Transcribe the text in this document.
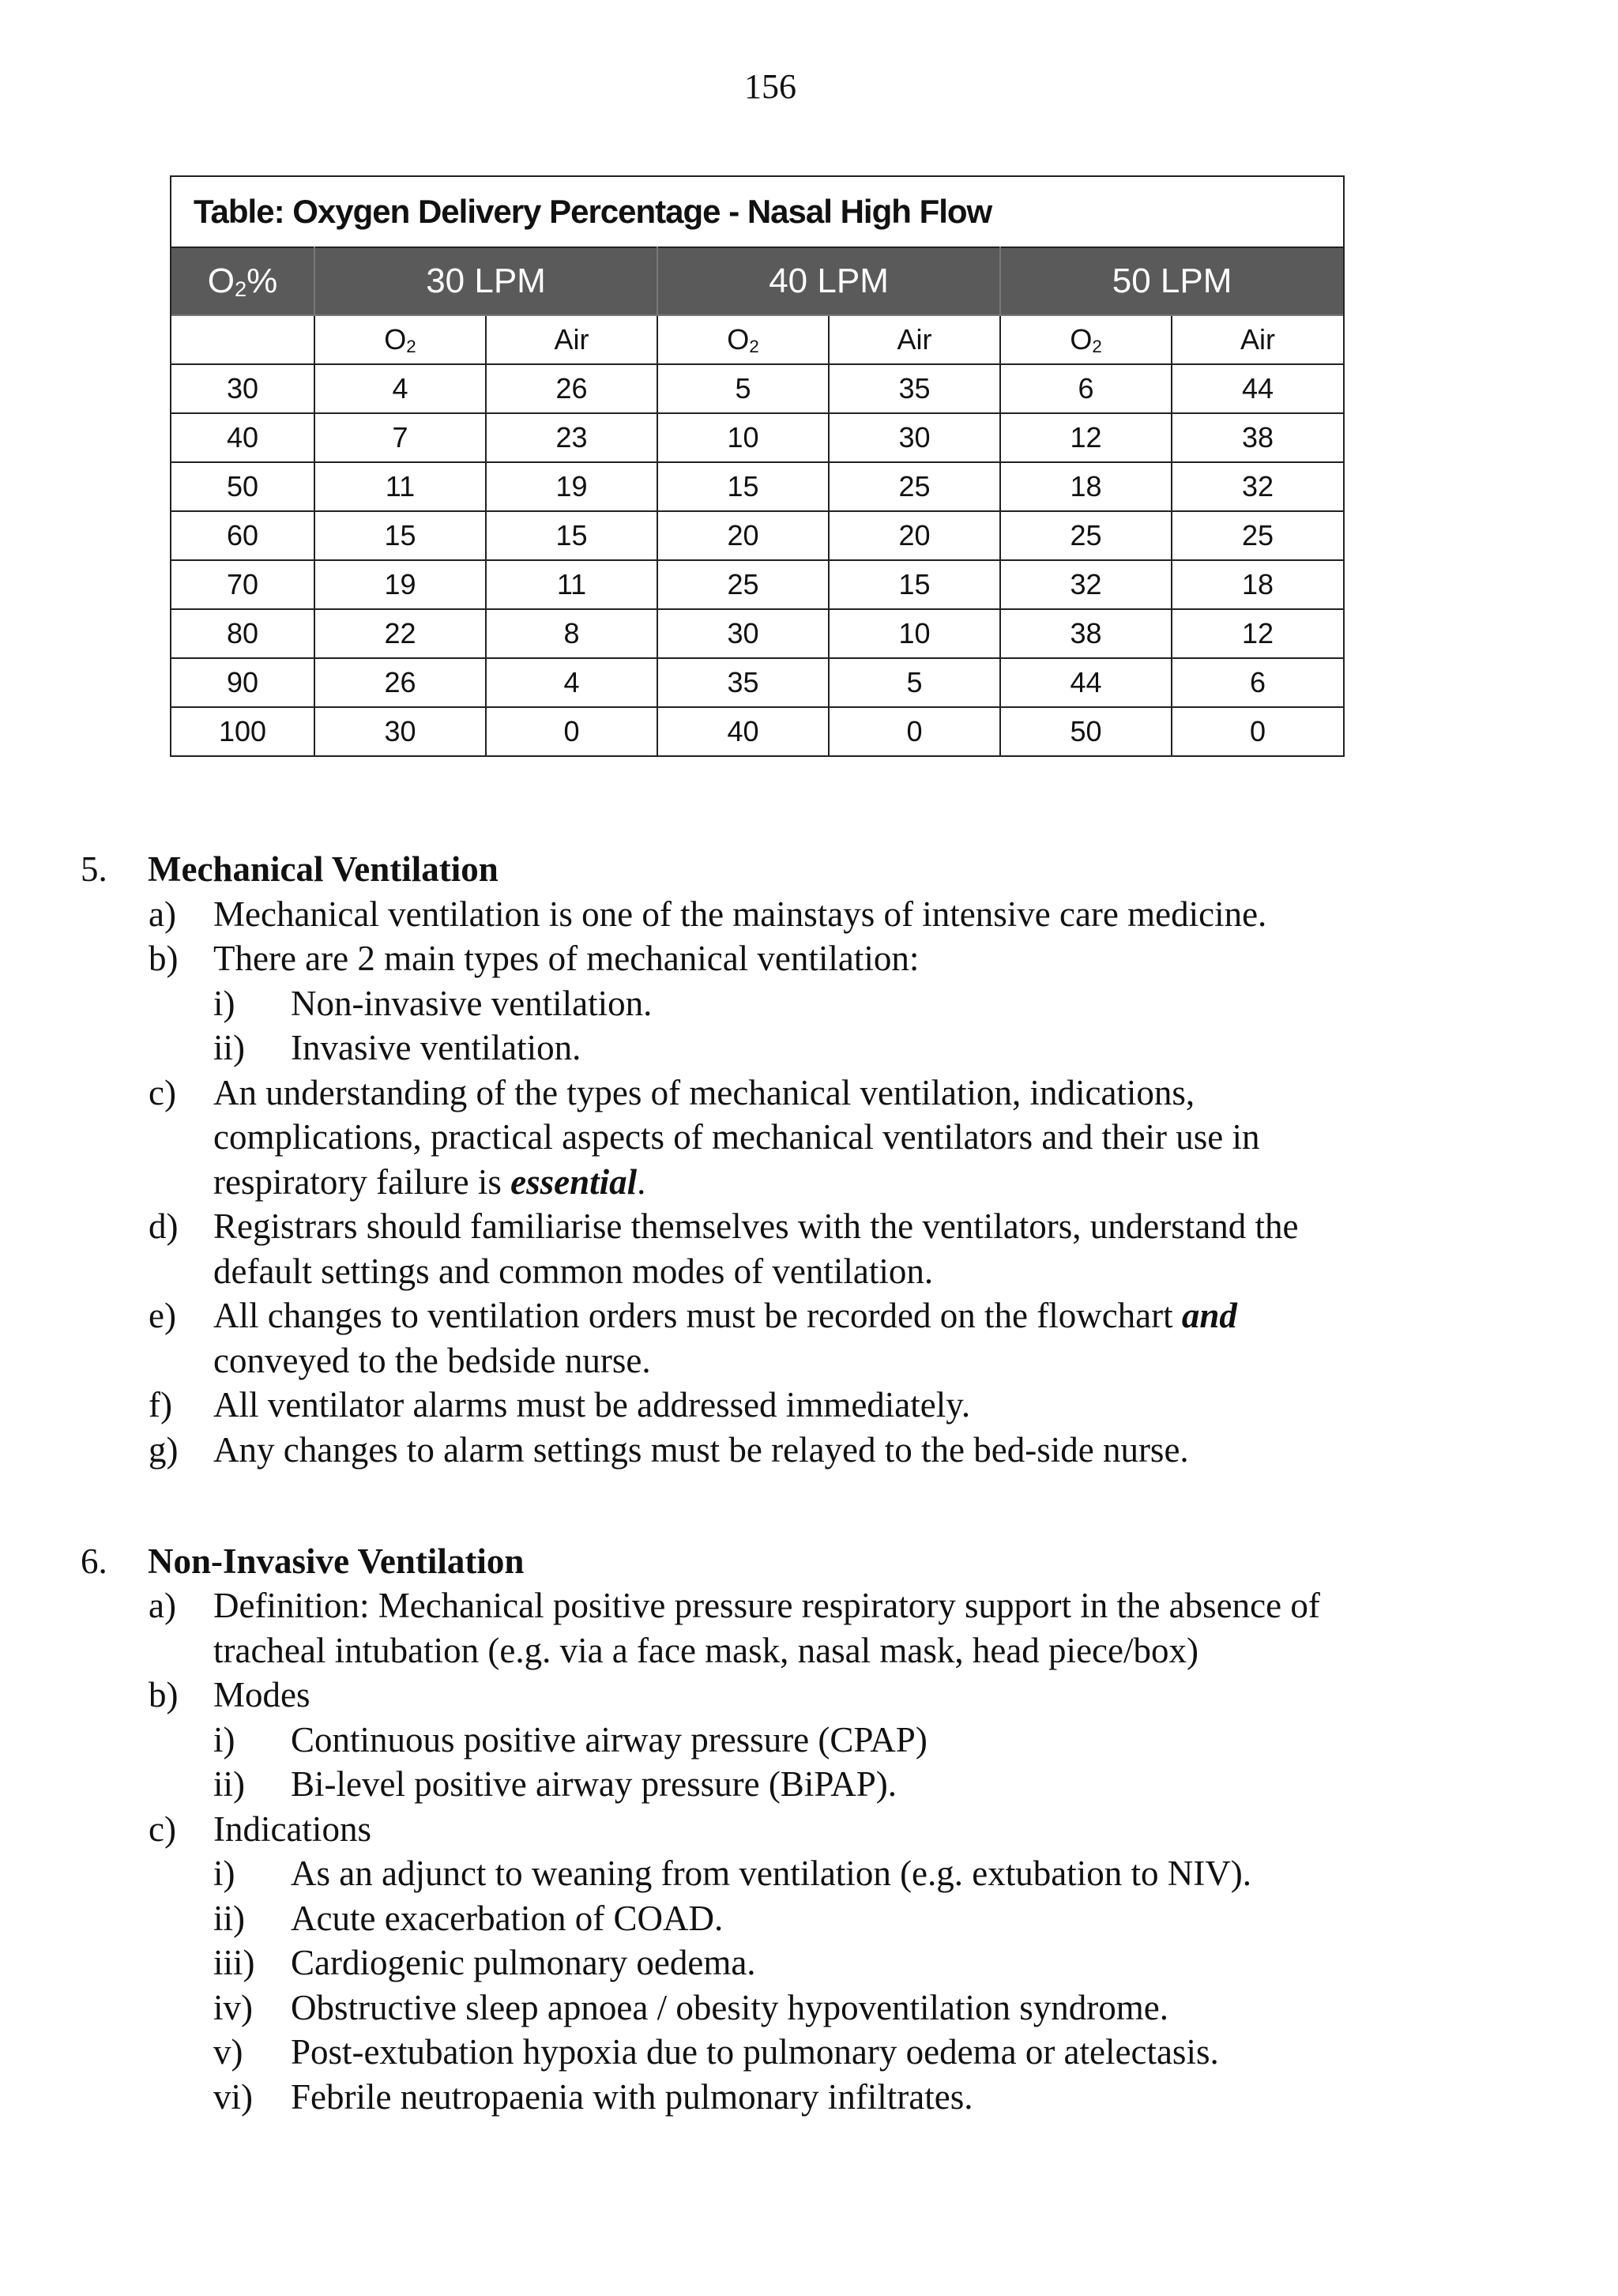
156
Table: Oxygen Delivery Percentage - Nasal High Flow
O2%	30 LPM		40 LPM		50 LPM	
	O2	Air	O2	Air	O2	Air
30	4	26	5	35	6	44
40	7	23	10	30	12	38
50	11	19	15	25	18	32
60	15	15	20	20	25	25
70	19	11	25	15	32	18
80	22	8	30	10	38	12
90	26	4	35	5	44	6
100	30	0	40	0	50	0
5. Mechanical Ventilation
a) Mechanical ventilation is one of the mainstays of intensive care medicine.
b) There are 2 main types of mechanical ventilation:
i) Non-invasive ventilation.
ii) Invasive ventilation.
c) An understanding of the types of mechanical ventilation, indications,
complications, practical aspects of mechanical ventilators and their use in
respiratory failure is essential.
d) Registrars should familiarise themselves with the ventilators, understand the
default settings and common modes of ventilation.
e) All changes to ventilation orders must be recorded on the flowchart and
conveyed to the bedside nurse.
f) All ventilator alarms must be addressed immediately.
g) Any changes to alarm settings must be relayed to the bed-side nurse.
6. Non-Invasive Ventilation
a) Definition: Mechanical positive pressure respiratory support in the absence of
tracheal intubation (e.g. via a face mask, nasal mask, head piece/box)
b) Modes
i) Continuous positive airway pressure (CPAP)
ii) Bi-level positive airway pressure (BiPAP).
c) Indications
i) As an adjunct to weaning from ventilation (e.g. extubation to NIV).
ii) Acute exacerbation of COAD.
iii) Cardiogenic pulmonary oedema.
iv) Obstructive sleep apnoea / obesity hypoventilation syndrome.
v) Post-extubation hypoxia due to pulmonary oedema or atelectasis.
vi) Febrile neutropaenia with pulmonary infiltrates.
